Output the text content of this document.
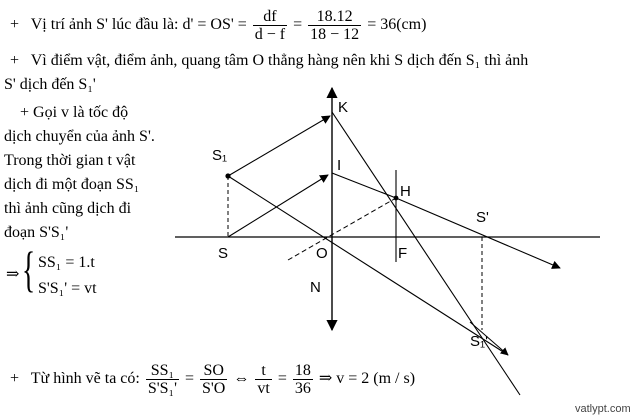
+ Vị trí ảnh S' lúc đầu là: $d' = OS' = \frac{df}{d - f} = \frac{18.12}{18 - 12} = 36(cm)$
+ Vì điểm vật, điểm ảnh, quang tâm O thẳng hàng nên khi S dịch đến S₁ thì ảnh
S' dịch đến S₁'
+ Gọi v là tốc độ
dịch chuyển của ảnh S'.
Trong thời gian t vật
dịch đi một đoạn SS₁
thì ảnh cũng dịch đi
đoạn S'S₁'
⇒ { SS₁ = 1.t
S'S₁' = vt
+ Từ hình vẽ ta có: $\frac{\text{SS₁}}{\text{S'S₁'}} = \frac{SO}{S'O}$ ⇔ $\frac{t}{vt} = \frac{18}{36}$ ⇒ v = 2 (m / s)
K
S₁
I
H
S'
S	O	F
N
S₁'
vatlypt.com
